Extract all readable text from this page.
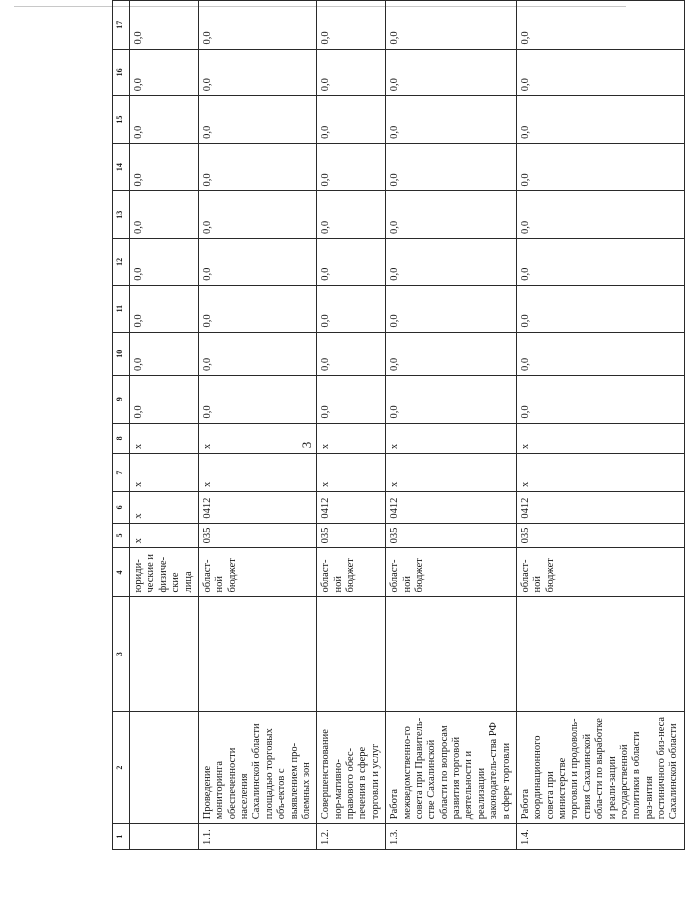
3
1	2	3	4	5	6	7	8	9	10	11	12	13	14	15	16	17
			юриди-ческие и физиче-ские лица	x	x	x	x	0,0	0,0	0,0	0,0	0,0	0,0	0,0	0,0	0,0
1.1.	Проведение мониторинга обеспеченности населения Сахалинской области площадью торговых объ-ектов с выявлением про-блемных зон		област-ной бюджет	035	0412	x	x	0,0	0,0	0,0	0,0	0,0	0,0	0,0	0,0	0,0
1.2.	Совершенствование нор-мативно-правового обес-печения в сфере торговли и услуг		област-ной бюджет	035	0412	x	x	0,0	0,0	0,0	0,0	0,0	0,0	0,0	0,0	0,0
1.3.	Работа межведомственно-го совета при Правитель-стве Сахалинской области по вопросам развития торговой деятельности и реализации законодатель-ства РФ в сфере торговли		област-ной бюджет	035	0412	x	x	0,0	0,0	0,0	0,0	0,0	0,0	0,0	0,0	0,0
1.4.	Работа координационного совета при министерстве торговли и продоволь-ствия Сахалинской обла-сти по выработке и реали-зации государственной политики в области раз-вития гостиничного биз-неса Сахалинской области		област-ной бюджет	035	0412	x	x	0,0	0,0	0,0	0,0	0,0	0,0	0,0	0,0	0,0
